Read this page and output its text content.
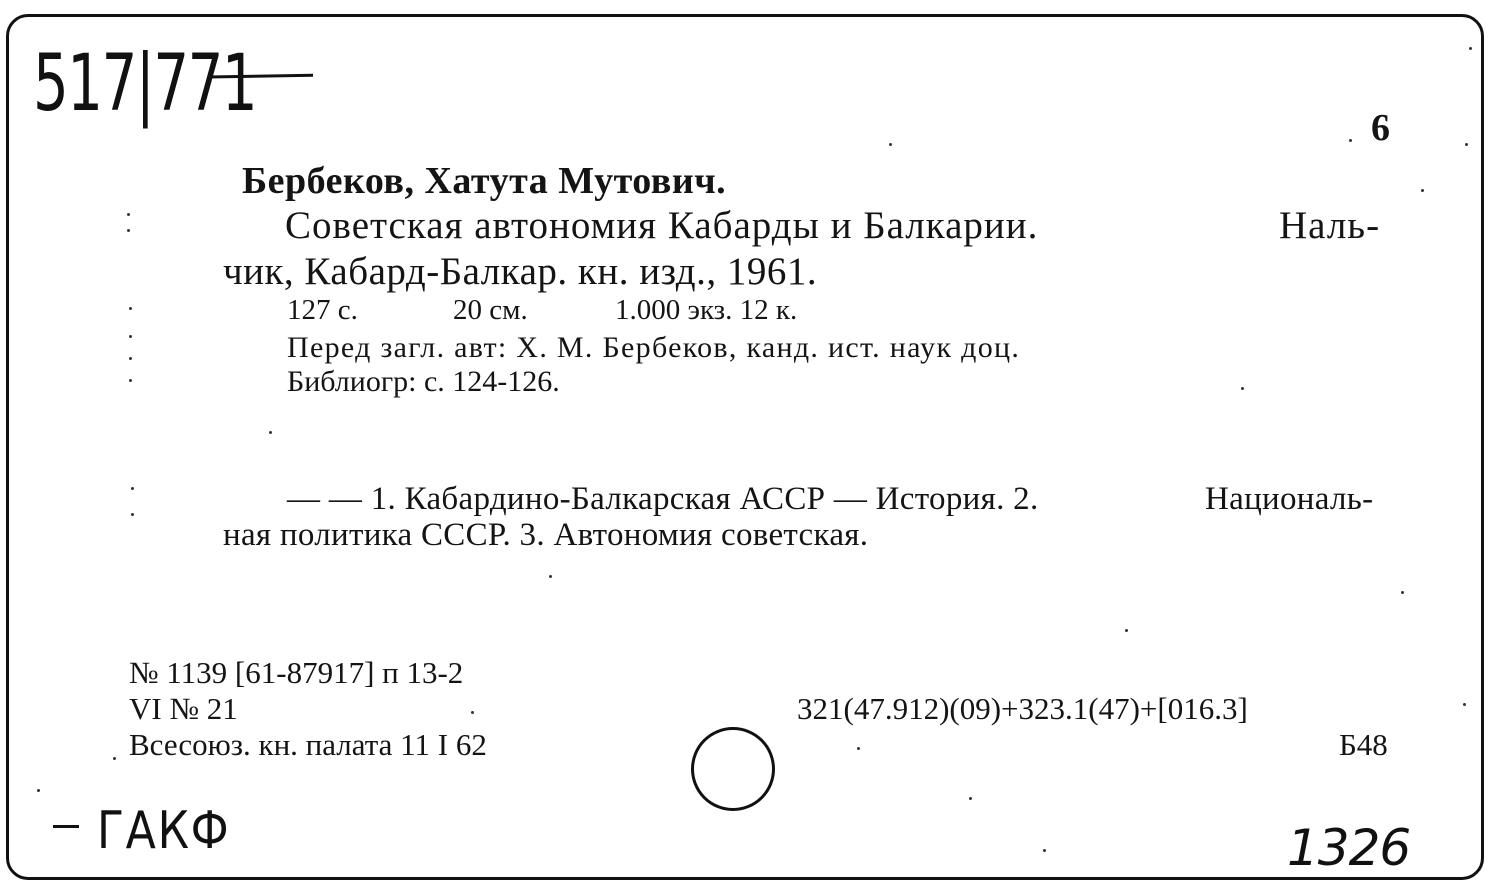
517|771	6
Бербеков, Хатута Мутович.
Советская автономия Кабарды и Балкарии.	Наль-
чик, Кабард-Балкар. кн. изд., 1961.
127 с.	20 см.	1.000 экз. 12 к.
Перед загл. авт: Х. М. Бербеков, канд. ист. наук доц.
Библиогр: с. 124-126.
— — 1. Кабардино-Балкарская АССР — История. 2.	Националь-
ная политика СССР. 3. Автономия советская.
№ 1139 [61-87917] п 13-2
VI № 21
Всесоюз. кн. палата 11 I 62
321(47.912)(09)+323.1(47)+[016.3]
Б48
ГАКФ	1326
